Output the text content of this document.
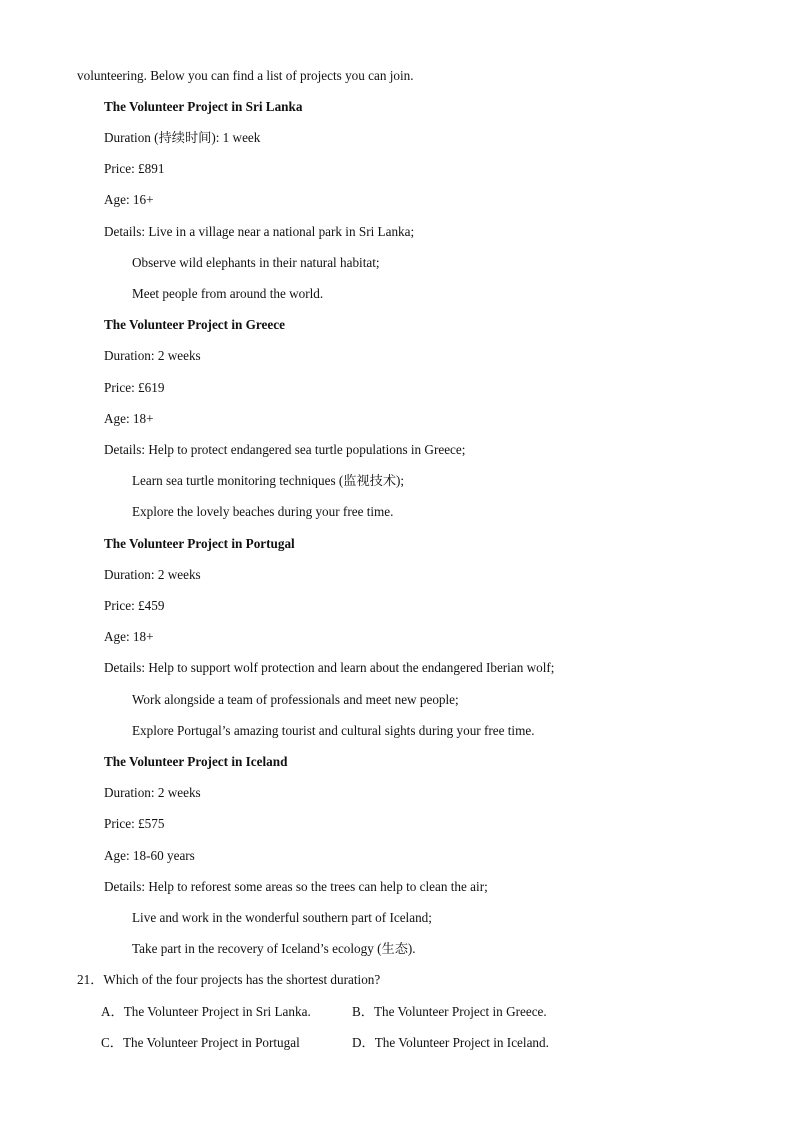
volunteering. Below you can find a list of projects you can join.
The Volunteer Project in Sri Lanka
Duration (持续时间): 1 week
Price: £891
Age: 16+
Details: Live in a village near a national park in Sri Lanka;
Observe wild elephants in their natural habitat;
Meet people from around the world.
The Volunteer Project in Greece
Duration: 2 weeks
Price: £619
Age: 18+
Details: Help to protect endangered sea turtle populations in Greece;
Learn sea turtle monitoring techniques (监视技术);
Explore the lovely beaches during your free time.
The Volunteer Project in Portugal
Duration: 2 weeks
Price: £459
Age: 18+
Details: Help to support wolf protection and learn about the endangered Iberian wolf;
Work alongside a team of professionals and meet new people;
Explore Portugal’s amazing tourist and cultural sights during your free time.
The Volunteer Project in Iceland
Duration: 2 weeks
Price: £575
Age: 18-60 years
Details: Help to reforest some areas so the trees can help to clean the air;
Live and work in the wonderful southern part of Iceland;
Take part in the recovery of Iceland’s ecology (生态).
21．Which of the four projects has the shortest duration?
A．The Volunteer Project in Sri Lanka.	B．The Volunteer Project in Greece.
C．The Volunteer Project in Portugal	D．The Volunteer Project in Iceland.
